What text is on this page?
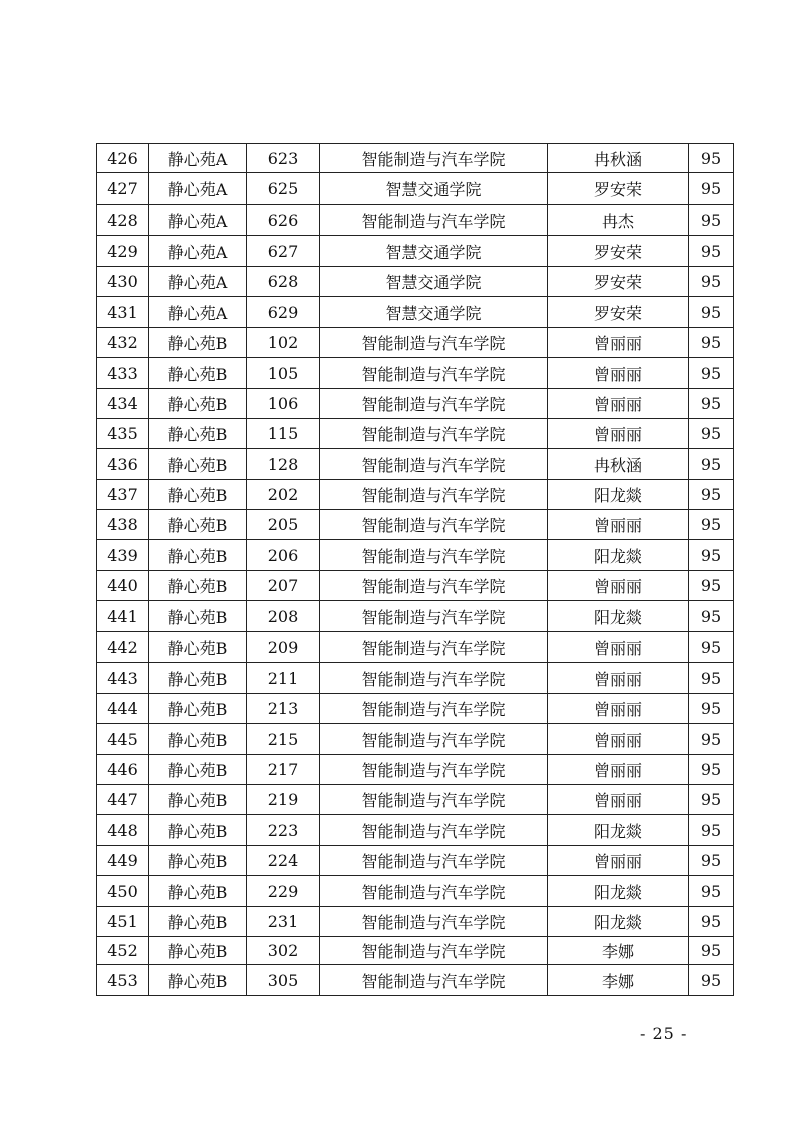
426	静心苑A	623	智能制造与汽车学院	冉秋涵	95
427	静心苑A	625	智慧交通学院	罗安荣	95
428	静心苑A	626	智能制造与汽车学院	冉杰	95
429	静心苑A	627	智慧交通学院	罗安荣	95
430	静心苑A	628	智慧交通学院	罗安荣	95
431	静心苑A	629	智慧交通学院	罗安荣	95
432	静心苑B	102	智能制造与汽车学院	曾丽丽	95
433	静心苑B	105	智能制造与汽车学院	曾丽丽	95
434	静心苑B	106	智能制造与汽车学院	曾丽丽	95
435	静心苑B	115	智能制造与汽车学院	曾丽丽	95
436	静心苑B	128	智能制造与汽车学院	冉秋涵	95
437	静心苑B	202	智能制造与汽车学院	阳龙燚	95
438	静心苑B	205	智能制造与汽车学院	曾丽丽	95
439	静心苑B	206	智能制造与汽车学院	阳龙燚	95
440	静心苑B	207	智能制造与汽车学院	曾丽丽	95
441	静心苑B	208	智能制造与汽车学院	阳龙燚	95
442	静心苑B	209	智能制造与汽车学院	曾丽丽	95
443	静心苑B	211	智能制造与汽车学院	曾丽丽	95
444	静心苑B	213	智能制造与汽车学院	曾丽丽	95
445	静心苑B	215	智能制造与汽车学院	曾丽丽	95
446	静心苑B	217	智能制造与汽车学院	曾丽丽	95
447	静心苑B	219	智能制造与汽车学院	曾丽丽	95
448	静心苑B	223	智能制造与汽车学院	阳龙燚	95
449	静心苑B	224	智能制造与汽车学院	曾丽丽	95
450	静心苑B	229	智能制造与汽车学院	阳龙燚	95
451	静心苑B	231	智能制造与汽车学院	阳龙燚	95
452	静心苑B	302	智能制造与汽车学院	李娜	95
453	静心苑B	305	智能制造与汽车学院	李娜	95
- 25 -
